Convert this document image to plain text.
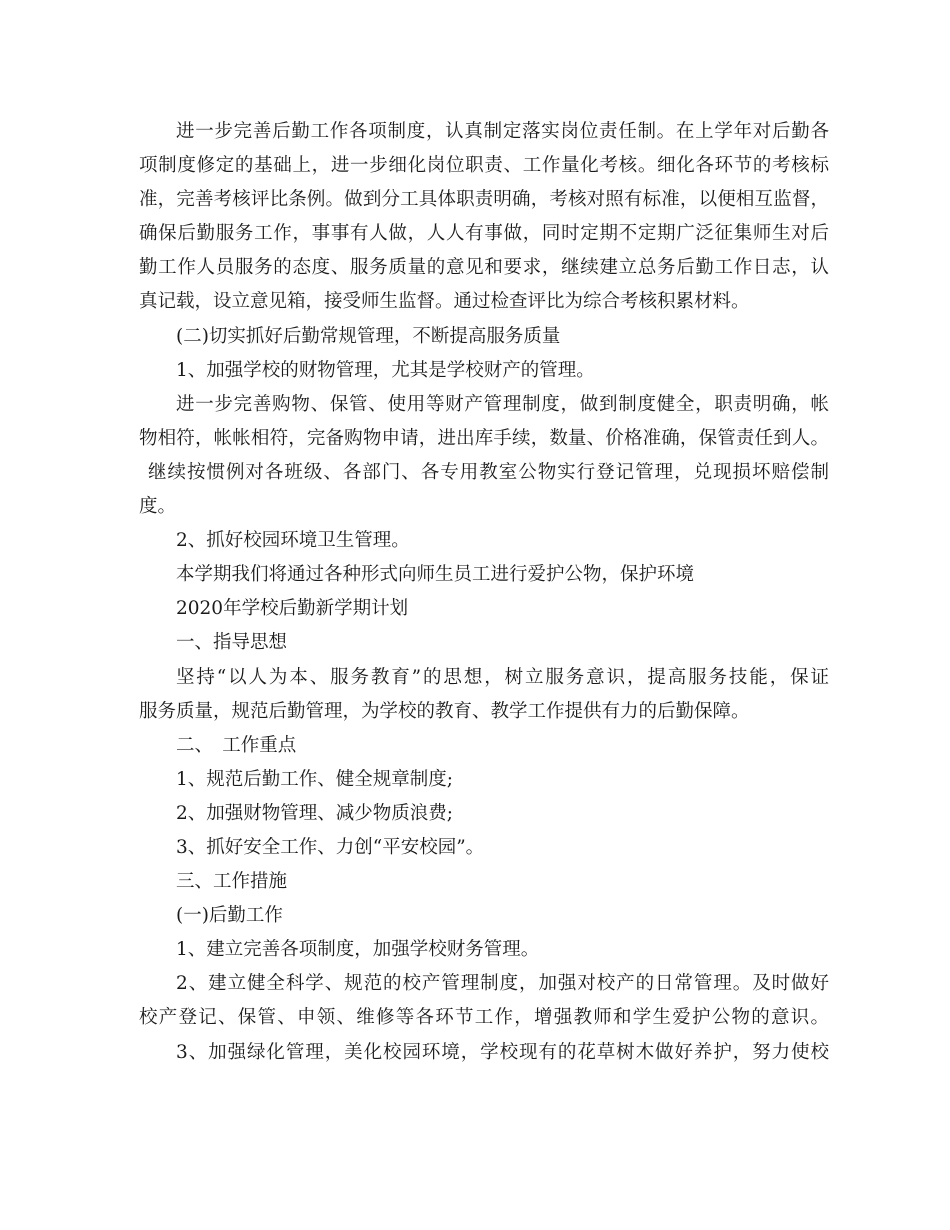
进一步完善后勤工作各项制度，认真制定落实岗位责任制。在上学年对后勤各
项制度修定的基础上，进一步细化岗位职责、工作量化考核。细化各环节的考核标
准，完善考核评比条例。做到分工具体职责明确，考核对照有标准，以便相互监督，
确保后勤服务工作，事事有人做，人人有事做，同时定期不定期广泛征集师生对后
勤工作人员服务的态度、服务质量的意见和要求，继续建立总务后勤工作日志，认
真记载，设立意见箱，接受师生监督。通过检查评比为综合考核积累材料。
(二)切实抓好后勤常规管理，不断提高服务质量
1、加强学校的财物管理，尤其是学校财产的管理。
进一步完善购物、保管、使用等财产管理制度，做到制度健全，职责明确，帐
物相符，帐帐相符，完备购物申请，进出库手续，数量、价格准确，保管责任到人。
继续按惯例对各班级、各部门、各专用教室公物实行登记管理，兑现损坏赔偿制
度。
2、抓好校园环境卫生管理。
本学期我们将通过各种形式向师生员工进行爱护公物，保护环境
2020年学校后勤新学期计划
一、指导思想
坚持“以人为本、服务教育”的思想，树立服务意识，提高服务技能，保证
服务质量，规范后勤管理，为学校的教育、教学工作提供有力的后勤保障。
二、　工作重点
1、规范后勤工作、健全规章制度;
2、加强财物管理、减少物质浪费;
3、抓好安全工作、力创“平安校园”。
三、工作措施
(一)后勤工作
1、建立完善各项制度，加强学校财务管理。
2、建立健全科学、规范的校产管理制度，加强对校产的日常管理。及时做好
校产登记、保管、申领、维修等各环节工作，增强教师和学生爱护公物的意识。
3、加强绿化管理，美化校园环境，学校现有的花草树木做好养护，努力使校
